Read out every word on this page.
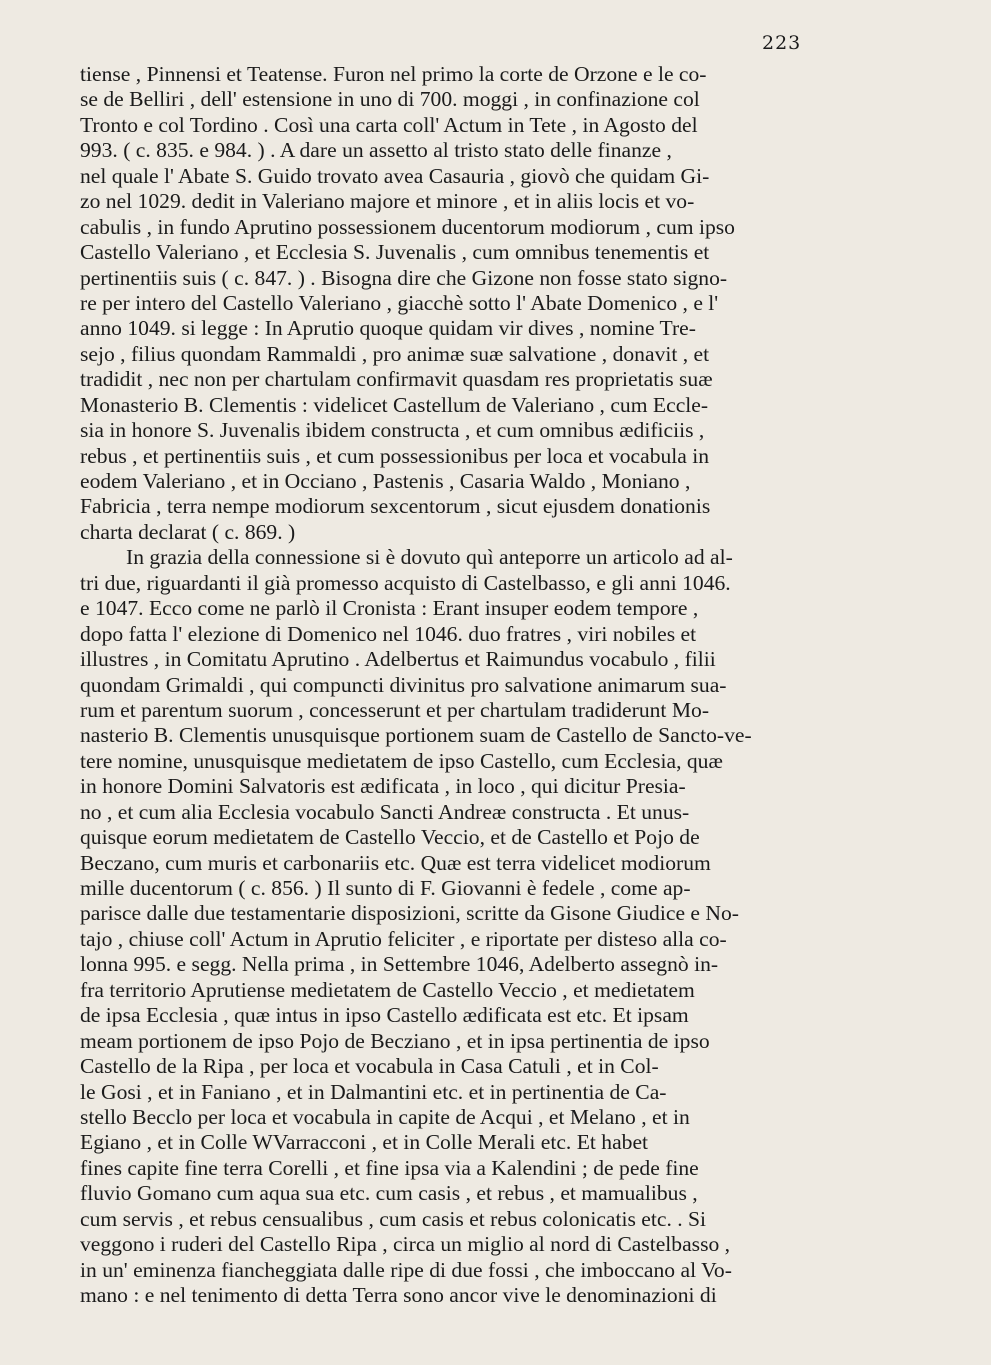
223
tiense , Pinnensi et Teatense. Furon nel primo la corte de Orzone e le co-
se de Belliri , dell' estensione in uno di 700. moggi , in confinazione col
Tronto e col Tordino . Così una carta coll' Actum in Tete , in Agosto del
993. ( c. 835. e 984. ) . A dare un assetto al tristo stato delle finanze ,
nel quale l' Abate S. Guido trovato avea Casauria , giovò che quidam Gi-
zo nel 1029. dedit in Valeriano majore et minore , et in aliis locis et vo-
cabulis , in fundo Aprutino possessionem ducentorum modiorum , cum ipso
Castello Valeriano , et Ecclesia S. Juvenalis , cum omnibus tenementis et
pertinentiis suis ( c. 847. ) . Bisogna dire che Gizone non fosse stato signo-
re per intero del Castello Valeriano , giacchè sotto l' Abate Domenico , e l'
anno 1049. si legge : In Aprutio quoque quidam vir dives , nomine Tre-
sejo , filius quondam Rammaldi , pro animæ suæ salvatione , donavit , et
tradidit , nec non per chartulam confirmavit quasdam res proprietatis suæ
Monasterio B. Clementis : videlicet Castellum de Valeriano , cum Eccle-
sia in honore S. Juvenalis ibidem constructa , et cum omnibus ædificiis ,
rebus , et pertinentiis suis , et cum possessionibus per loca et vocabula in
eodem Valeriano , et in Occiano , Pastenis , Casaria Waldo , Moniano ,
Fabricia , terra nempe modiorum sexcentorum , sicut ejusdem donationis
charta declarat ( c. 869. )
In grazia della connessione si è dovuto quì anteporre un articolo ad al-
tri due, riguardanti il già promesso acquisto di Castelbasso, e gli anni 1046.
e 1047. Ecco come ne parlò il Cronista : Erant insuper eodem tempore ,
dopo fatta l' elezione di Domenico nel 1046. duo fratres , viri nobiles et
illustres , in Comitatu Aprutino . Adelbertus et Raimundus vocabulo , filii
quondam Grimaldi , qui compuncti divinitus pro salvatione animarum sua-
rum et parentum suorum , concesserunt et per chartulam tradiderunt Mo-
nasterio B. Clementis unusquisque portionem suam de Castello de Sancto-ve-
tere nomine, unusquisque medietatem de ipso Castello, cum Ecclesia, quæ
in honore Domini Salvatoris est ædificata , in loco , qui dicitur Presia-
no , et cum alia Ecclesia vocabulo Sancti Andreæ constructa . Et unus-
quisque eorum medietatem de Castello Veccio, et de Castello et Pojo de
Beczano, cum muris et carbonariis etc. Quæ est terra videlicet modiorum
mille ducentorum ( c. 856. ) Il sunto di F. Giovanni è fedele , come ap-
parisce dalle due testamentarie disposizioni, scritte da Gisone Giudice e No-
tajo , chiuse coll' Actum in Aprutio feliciter , e riportate per disteso alla co-
lonna 995. e segg. Nella prima , in Settembre 1046, Adelberto assegnò in-
fra territorio Aprutiense medietatem de Castello Veccio , et medietatem
de ipsa Ecclesia , quæ intus in ipso Castello ædificata est etc. Et ipsam
meam portionem de ipso Pojo de Becziano , et in ipsa pertinentia de ipso
Castello de la Ripa , per loca et vocabula in Casa Catuli , et in Col-
le Gosi , et in Faniano , et in Dalmantini etc. et in pertinentia de Ca-
stello Becclo per loca et vocabula in capite de Acqui , et Melano , et in
Egiano , et in Colle WVarracconi , et in Colle Merali etc. Et habet
fines capite fine terra Corelli , et fine ipsa via a Kalendini ; de pede fine
fluvio Gomano cum aqua sua etc. cum casis , et rebus , et mamualibus ,
cum servis , et rebus censualibus , cum casis et rebus colonicatis etc. . Si
veggono i ruderi del Castello Ripa , circa un miglio al nord di Castelbasso ,
in un' eminenza fiancheggiata dalle ripe di due fossi , che imboccano al Vo-
mano : e nel tenimento di detta Terra sono ancor vive le denominazioni di
